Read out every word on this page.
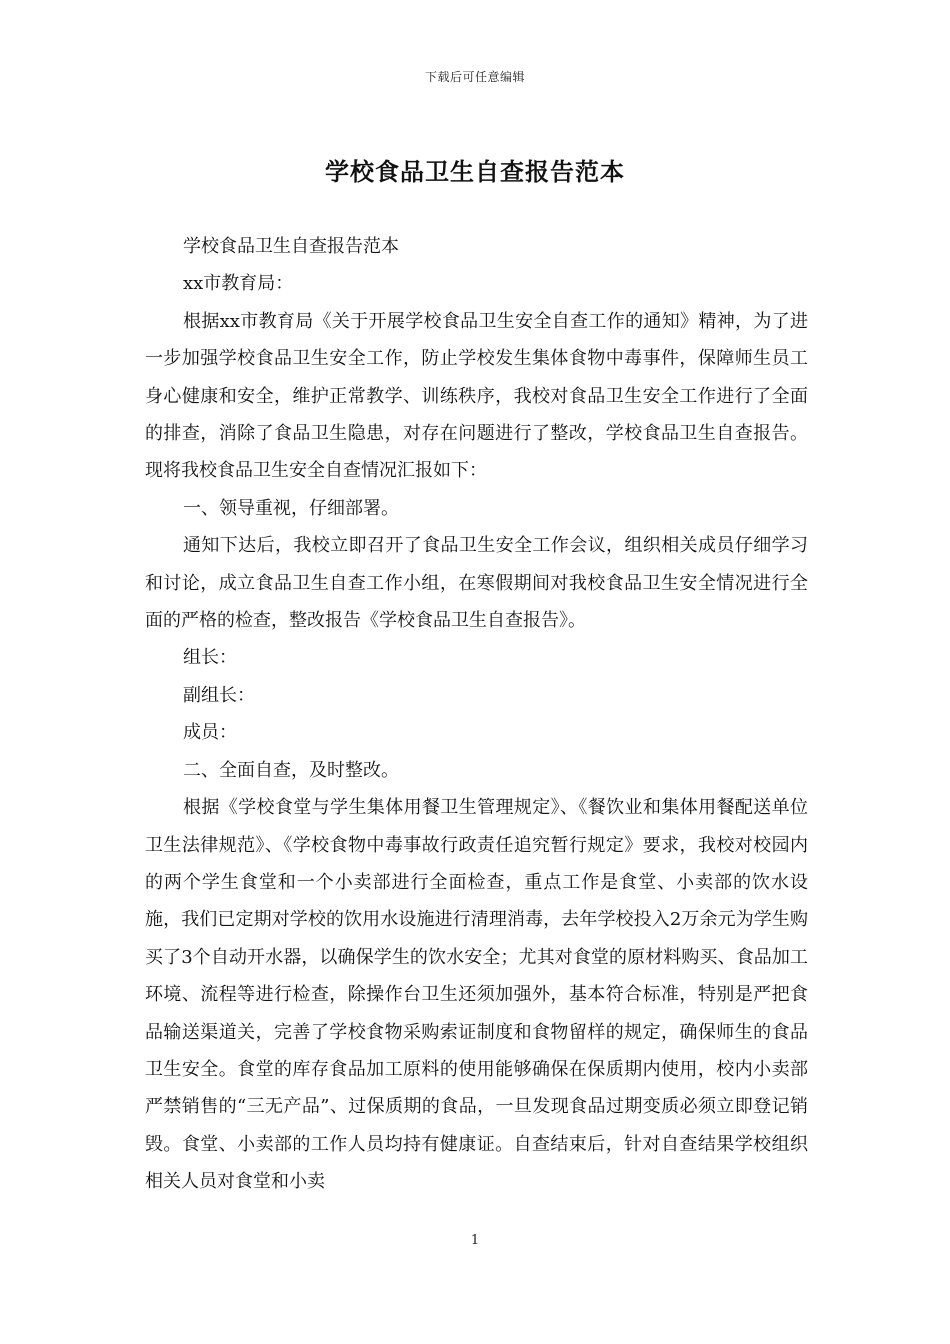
下载后可任意编辑
学校食品卫生自查报告范本

学校食品卫生自查报告范本

xx市教育局：

根据xx市教育局《关于开展学校食品卫生安全自查工作的通知》精神，为了进一步加强学校食品卫生安全工作，防止学校发生集体食物中毒事件，保障师生员工身心健康和安全，维护正常教学、训练秩序，我校对食品卫生安全工作进行了全面的排查，消除了食品卫生隐患，对存在问题进行了整改，学校食品卫生自查报告。现将我校食品卫生安全自查情况汇报如下：

一、领导重视，仔细部署。

通知下达后，我校立即召开了食品卫生安全工作会议，组织相关成员仔细学习和讨论，成立食品卫生自查工作小组，在寒假期间对我校食品卫生安全情况进行全面的严格的检查，整改报告《学校食品卫生自查报告》。

组长：

副组长：

成员：

二、全面自查，及时整改。

根据《学校食堂与学生集体用餐卫生管理规定》、《餐饮业和集体用餐配送单位卫生法律规范》、《学校食物中毒事故行政责任追究暂行规定》要求，我校对校园内的两个学生食堂和一个小卖部进行全面检查，重点工作是食堂、小卖部的饮水设施，我们已定期对学校的饮用水设施进行清理消毒，去年学校投入2万余元为学生购买了3个自动开水器，以确保学生的饮水安全；尤其对食堂的原材料购买、食品加工环境、流程等进行检查，除操作台卫生还须加强外，基本符合标准，特别是严把食品输送渠道关，完善了学校食物采购索证制度和食物留样的规定，确保师生的食品卫生安全。食堂的库存食品加工原料的使用能够确保在保质期内使用，校内小卖部严禁销售的“三无产品”、过保质期的食品，一旦发现食品过期变质必须立即登记销毁。食堂、小卖部的工作人员均持有健康证。自查结束后，针对自查结果学校组织相关人员对食堂和小卖

1
